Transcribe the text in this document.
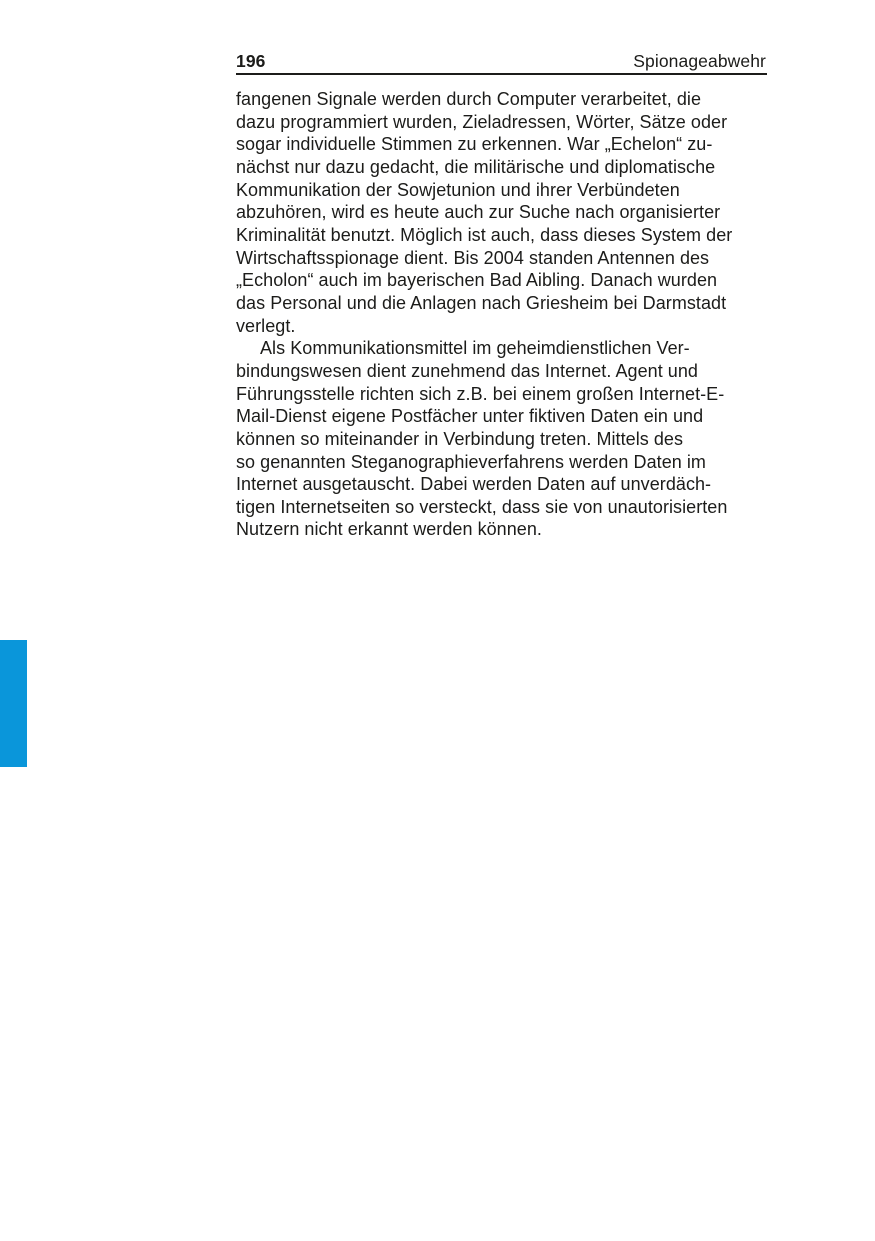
196	Spionageabwehr
fangenen Signale werden durch Computer verarbeitet, die
dazu programmiert wurden, Zieladressen, Wörter, Sätze oder
sogar individuelle Stimmen zu erkennen. War „Echelon“ zu-
nächst nur dazu gedacht, die militärische und diplomatische
Kommunikation der Sowjetunion und ihrer Verbündeten
abzuhören, wird es heute auch zur Suche nach organisierter
Kriminalität benutzt. Möglich ist auch, dass dieses System der
Wirtschaftsspionage dient. Bis 2004 standen Antennen des
„Echolon“ auch im bayerischen Bad Aibling. Danach wurden
das Personal und die Anlagen nach Griesheim bei Darmstadt
verlegt.
Als Kommunikationsmittel im geheimdienstlichen Ver-
bindungswesen dient zunehmend das Internet. Agent und
Führungsstelle richten sich z.B. bei einem großen Internet-E-
Mail-Dienst eigene Postfächer unter fiktiven Daten ein und
können so miteinander in Verbindung treten. Mittels des
so genannten Steganographieverfahrens werden Daten im
Internet ausgetauscht. Dabei werden Daten auf unverdäch-
tigen Internetseiten so versteckt, dass sie von unautorisierten
Nutzern nicht erkannt werden können.
